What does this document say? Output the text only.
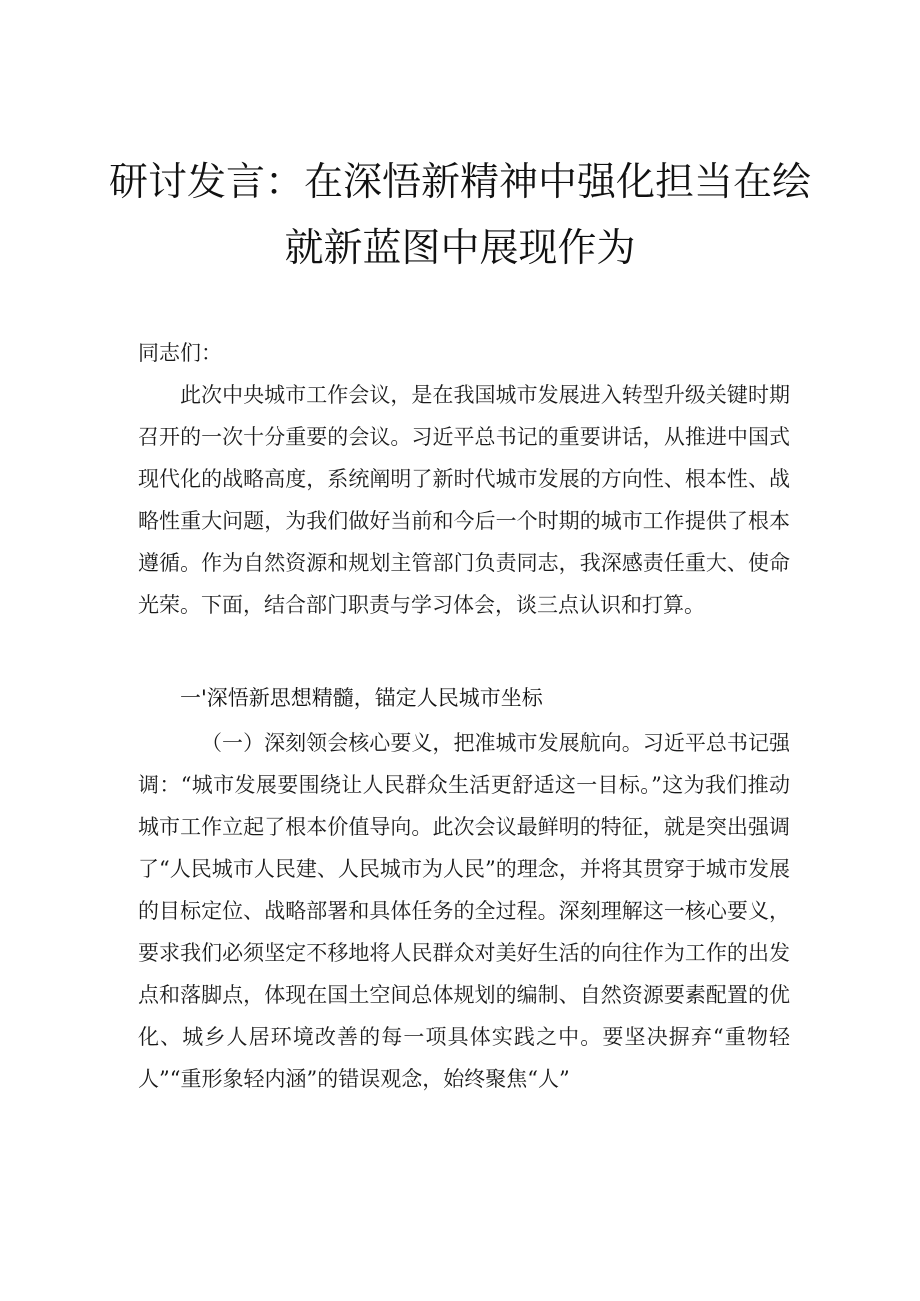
研讨发言：在深悟新精神中强化担当在绘
就新蓝图中展现作为

同志们：

此次中央城市工作会议，是在我国城市发展进入转型升级关键时期召开的一次十分重要的会议。习近平总书记的重要讲话，从推进中国式现代化的战略高度，系统阐明了新时代城市发展的方向性、根本性、战略性重大问题，为我们做好当前和今后一个时期的城市工作提供了根本遵循。作为自然资源和规划主管部门负责同志，我深感责任重大、使命光荣。下面，结合部门职责与学习体会，谈三点认识和打算。

一'深悟新思想精髓，锚定人民城市坐标

（一）深刻领会核心要义，把准城市发展航向。习近平总书记强调：“城市发展要围绕让人民群众生活更舒适这一目标。”这为我们推动城市工作立起了根本价值导向。此次会议最鲜明的特征，就是突出强调了“人民城市人民建、人民城市为人民”的理念，并将其贯穿于城市发展的目标定位、战略部署和具体任务的全过程。深刻理解这一核心要义，要求我们必须坚定不移地将人民群众对美好生活的向往作为工作的出发点和落脚点，体现在国土空间总体规划的编制、自然资源要素配置的优化、城乡人居环境改善的每一项具体实践之中。要坚决摒弃“重物轻人”“重形象轻内涵”的错误观念，始终聚焦“人”
